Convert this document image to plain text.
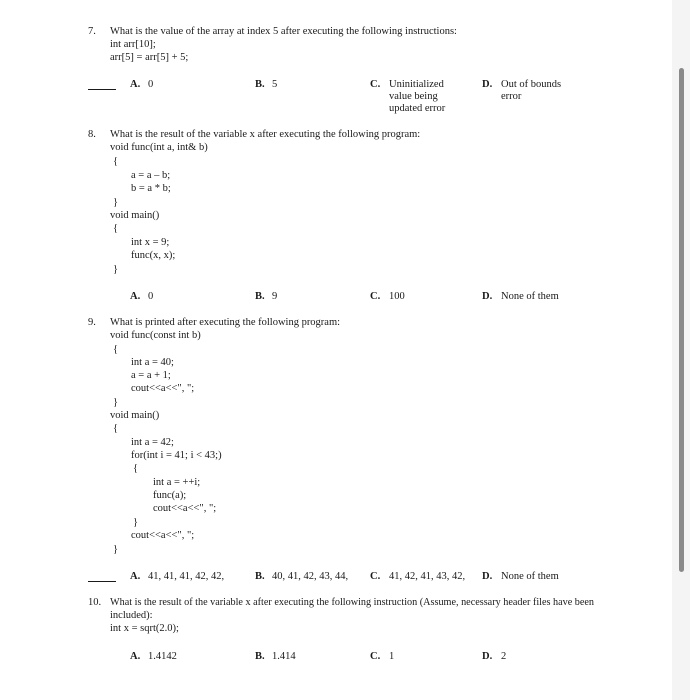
7. What is the value of the array at index 5 after executing the following instructions:
int arr[10];
arr[5] = arr[5] + 5;
A. 0	B. 5	C. Uninitialized
value being
updated error
D. Out of bounds
error
8. What is the result of the variable x after executing the following program:
void func(int a, int& b)
{
a = a – b;
b = a * b;
}
void main()
{
int x = 9;
func(x, x);
}
A. 0	B. 9	C. 100	D. None of them
9. What is printed after executing the following program:
void func(const int b)
{
int a = 40;
a = a + 1;
cout<<a<<", ";
}
void main()
{
int a = 42;
for(int i = 41; i < 43;)
{
int a = ++i;
func(a);
cout<<a<<", ";
}
cout<<a<<", ";
}
A. 41, 41, 41, 42, 42,	B. 40, 41, 42, 43, 44, C. 41, 42, 41, 43, 42, D. None of them
10. What is the result of the variable x after executing the following instruction (Assume, necessary header files have been
included):
int x = sqrt(2.0);
A. 1.4142	B. 1.414	C. 1	D. 2
